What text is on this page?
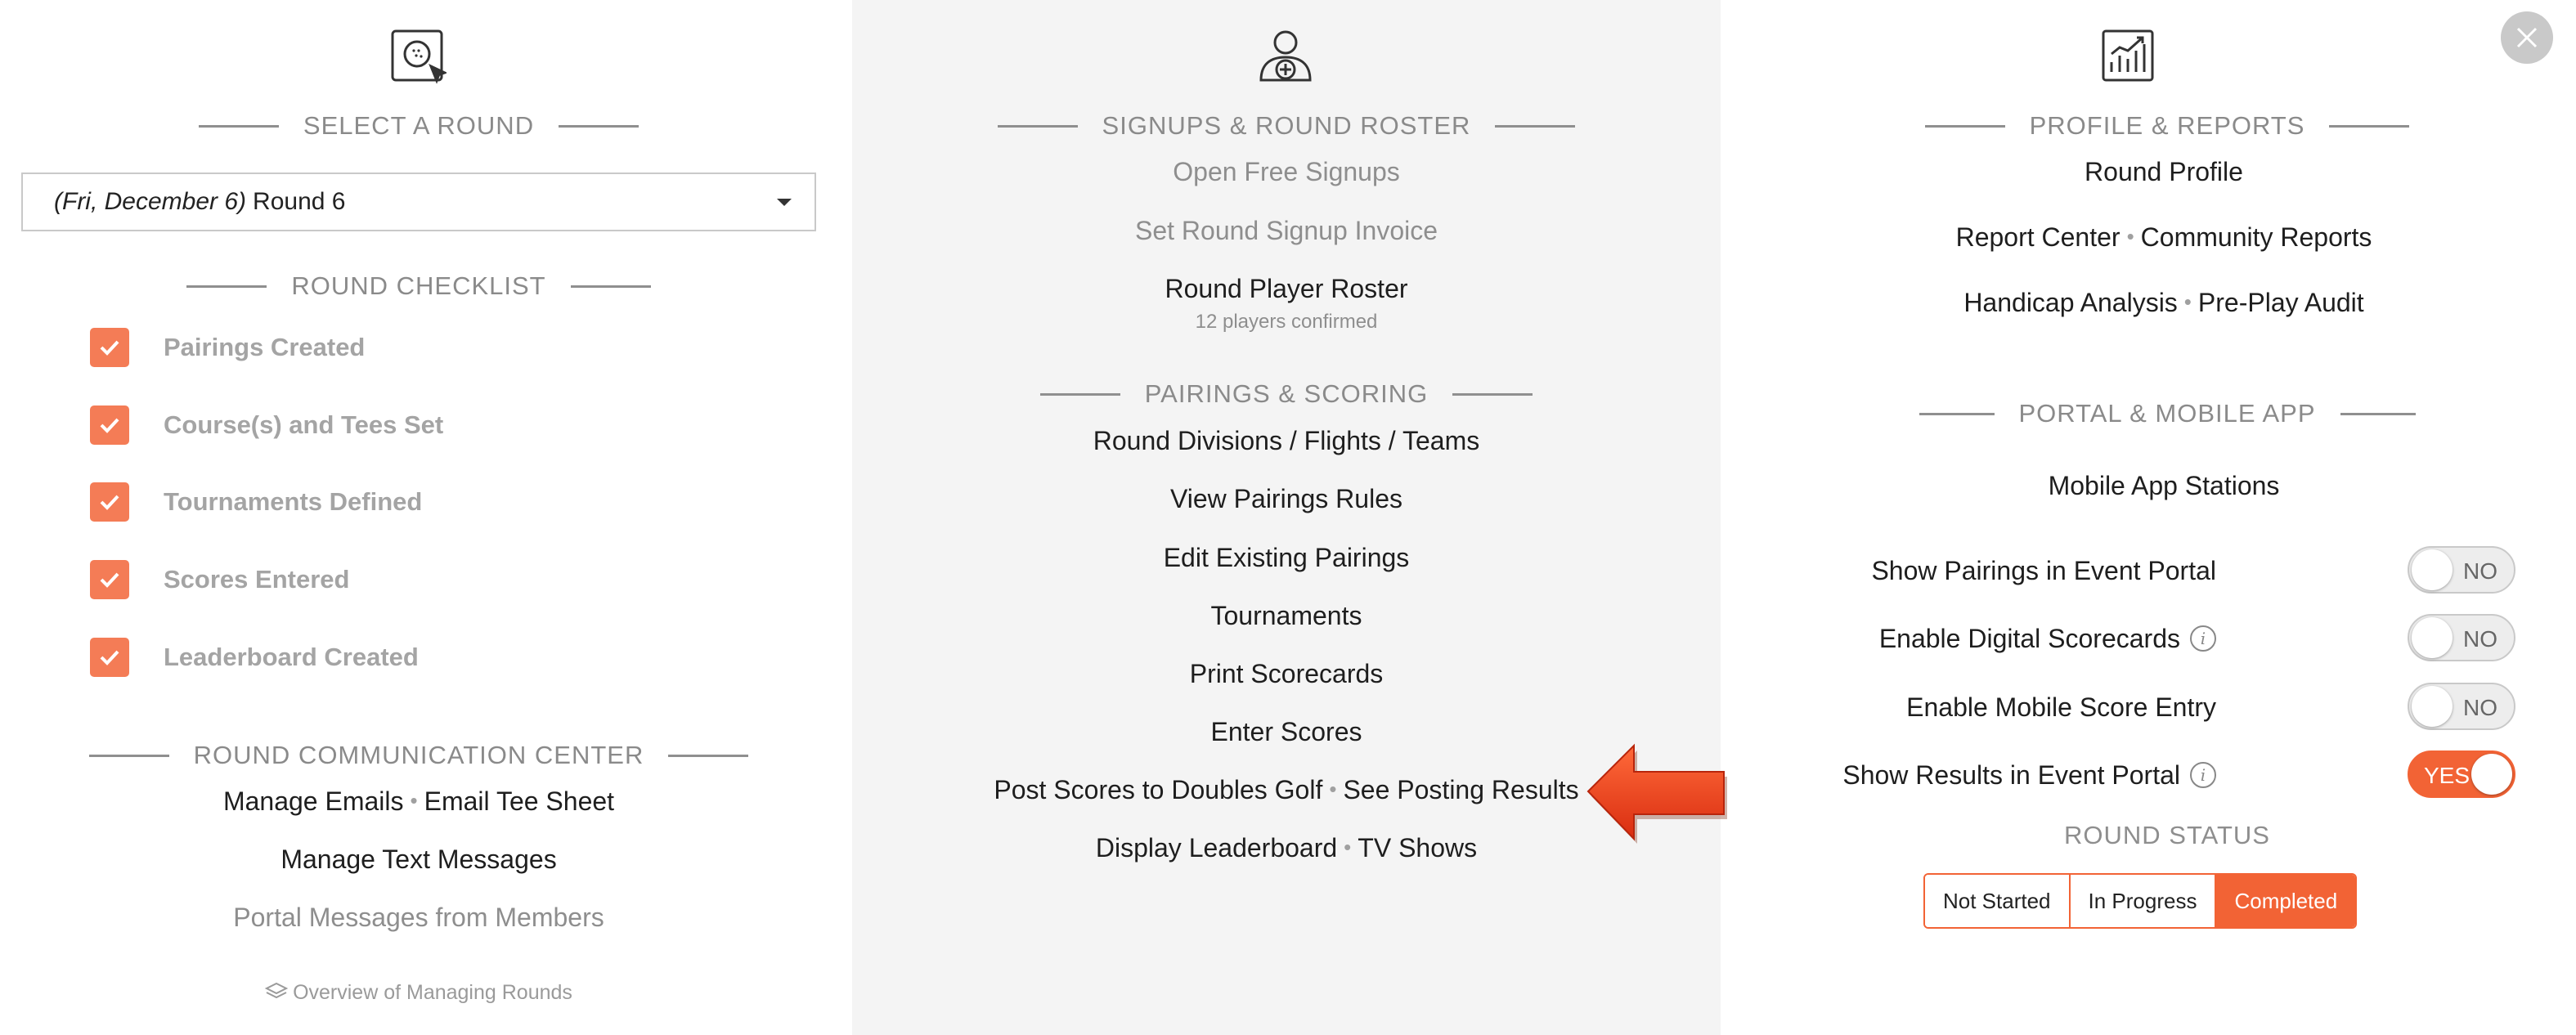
SELECT A ROUND
(Fri, December 6) Round 6
ROUND CHECKLIST
Pairings Created
Course(s) and Tees Set
Tournaments Defined
Scores Entered
Leaderboard Created
ROUND COMMUNICATION CENTER
Manage Emails • Email Tee Sheet
Manage Text Messages
Portal Messages from Members
Overview of Managing Rounds
SIGNUPS & ROUND ROSTER
Open Free Signups
Set Round Signup Invoice
Round Player Roster
12 players confirmed
PAIRINGS & SCORING
Round Divisions / Flights / Teams
View Pairings Rules
Edit Existing Pairings
Tournaments
Print Scorecards
Enter Scores
Post Scores to Doubles Golf • See Posting Results
Display Leaderboard • TV Shows
PROFILE & REPORTS
Round Profile
Report Center • Community Reports
Handicap Analysis • Pre-Play Audit
PORTAL & MOBILE APP
Mobile App Stations
Show Pairings in Event Portal	NO
Enable Digital Scorecards i	NO
Enable Mobile Score Entry	NO
Show Results in Event Portal i	YES
ROUND STATUS
Not Started	In Progress	Completed
